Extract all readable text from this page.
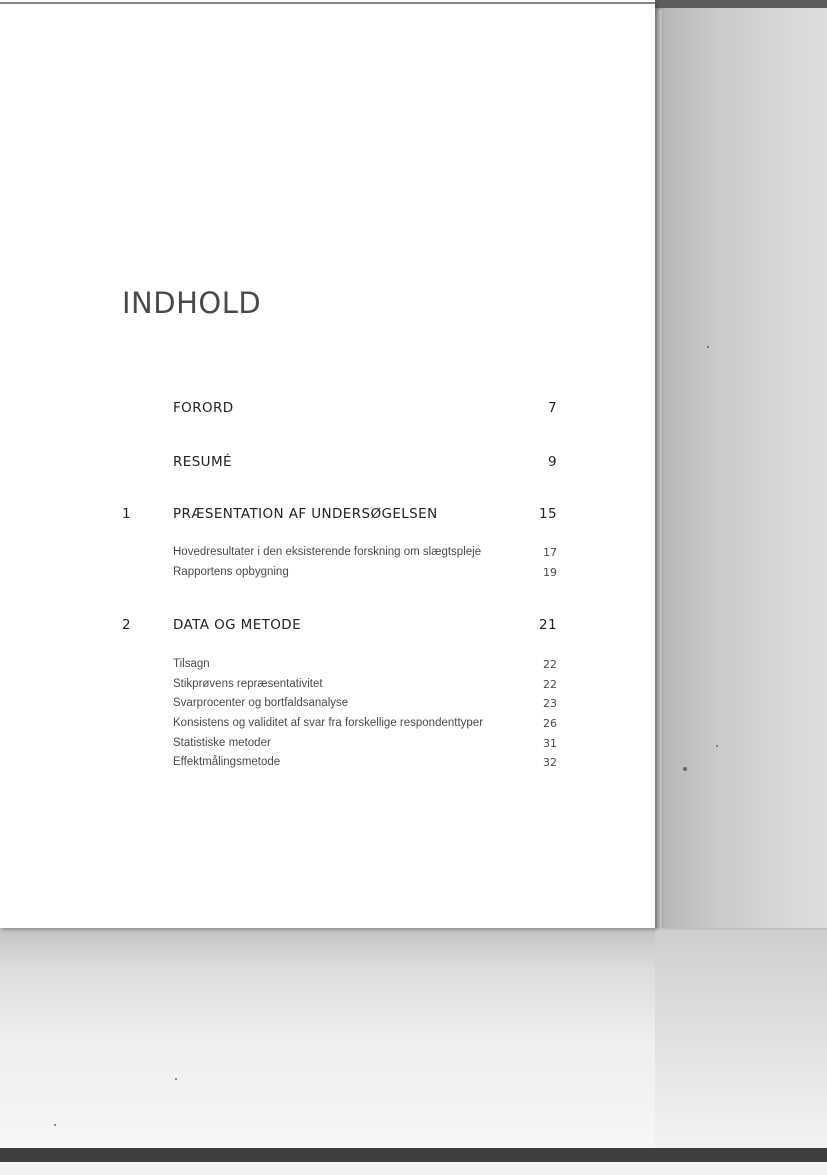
INDHOLD
FORORD	7
RESUMÉ	9
1	PRÆSENTATION AF UNDERSØGELSEN	15
Hovedresultater i den eksisterende forskning om slægtspleje	17
Rapportens opbygning	19
2	DATA OG METODE	21
Tilsagn	22
Stikprøvens repræsentativitet	22
Svarprocenter og bortfaldsanalyse	23
Konsistens og validitet af svar fra forskellige respondenttyper	26
Statistiske metoder	31
Effektmålingsmetode	32
